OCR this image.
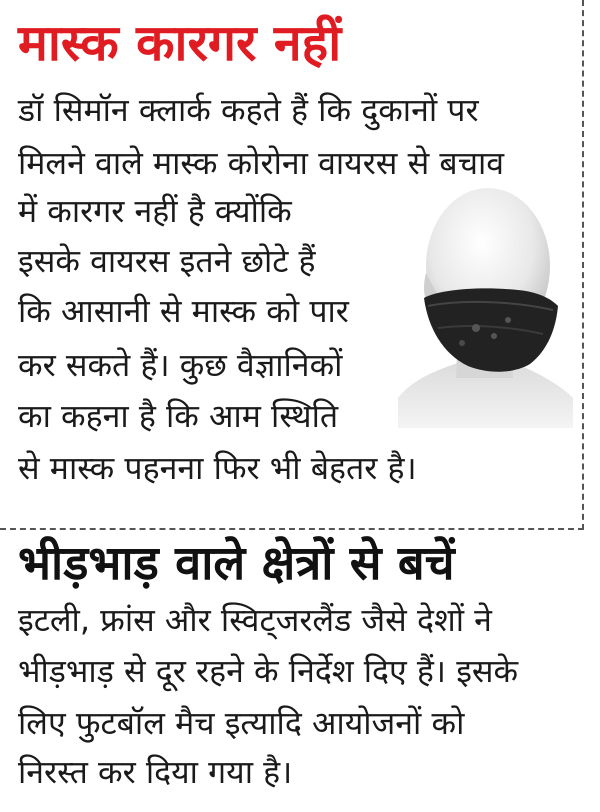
मास्क कारगर नहीं

डॉ सिमॉन क्लार्क कहते हैं कि दुकानों पर

मिलने वाले मास्क कोरोना वायरस से बचाव

में कारगर नहीं है क्योंकि

इसके वायरस इतने छोटे हैं

कि आसानी से मास्क को पार

कर सकते हैं। कुछ वैज्ञानिकों

का कहना है कि आम स्थिति

से मास्क पहनना फिर भी बेहतर है।

भीड़भाड़ वाले क्षेत्रों से बचें

इटली, फ्रांस और स्विट्जरलैंड जैसे देशों ने

भीड़भाड़ से दूर रहने के निर्देश दिए हैं। इसके

लिए फुटबॉल मैच इत्यादि आयोजनों को

निरस्त कर दिया गया है।
